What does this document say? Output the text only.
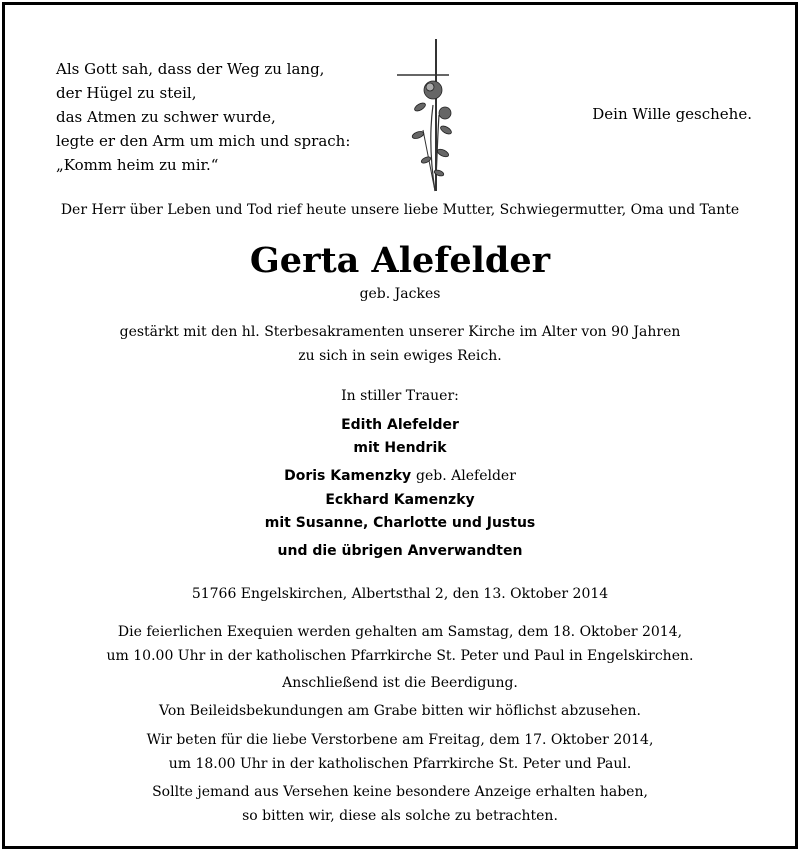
Als Gott sah, dass der Weg zu lang,
der Hügel zu steil,
das Atmen zu schwer wurde,
legte er den Arm um mich und sprach:
„Komm heim zu mir.“
Dein Wille geschehe.
Der Herr über Leben und Tod rief heute unsere liebe Mutter, Schwiegermutter, Oma und Tante
Gerta Alefelder
geb. Jackes
gestärkt mit den hl. Sterbesakramenten unserer Kirche im Alter von 90 Jahren
zu sich in sein ewiges Reich.
In stiller Trauer:
Edith Alefelder
mit Hendrik
Doris Kamenzky geb. Alefelder
Eckhard Kamenzky
mit Susanne, Charlotte und Justus
und die übrigen Anverwandten
51766 Engelskirchen, Albertsthal 2, den 13. Oktober 2014
Die feierlichen Exequien werden gehalten am Samstag, dem 18. Oktober 2014,
um 10.00 Uhr in der katholischen Pfarrkirche St. Peter und Paul in Engelskirchen.
Anschließend ist die Beerdigung.
Von Beileidsbekundungen am Grabe bitten wir höflichst abzusehen.
Wir beten für die liebe Verstorbene am Freitag, dem 17. Oktober 2014,
um 18.00 Uhr in der katholischen Pfarrkirche St. Peter und Paul.
Sollte jemand aus Versehen keine besondere Anzeige erhalten haben,
so bitten wir, diese als solche zu betrachten.
